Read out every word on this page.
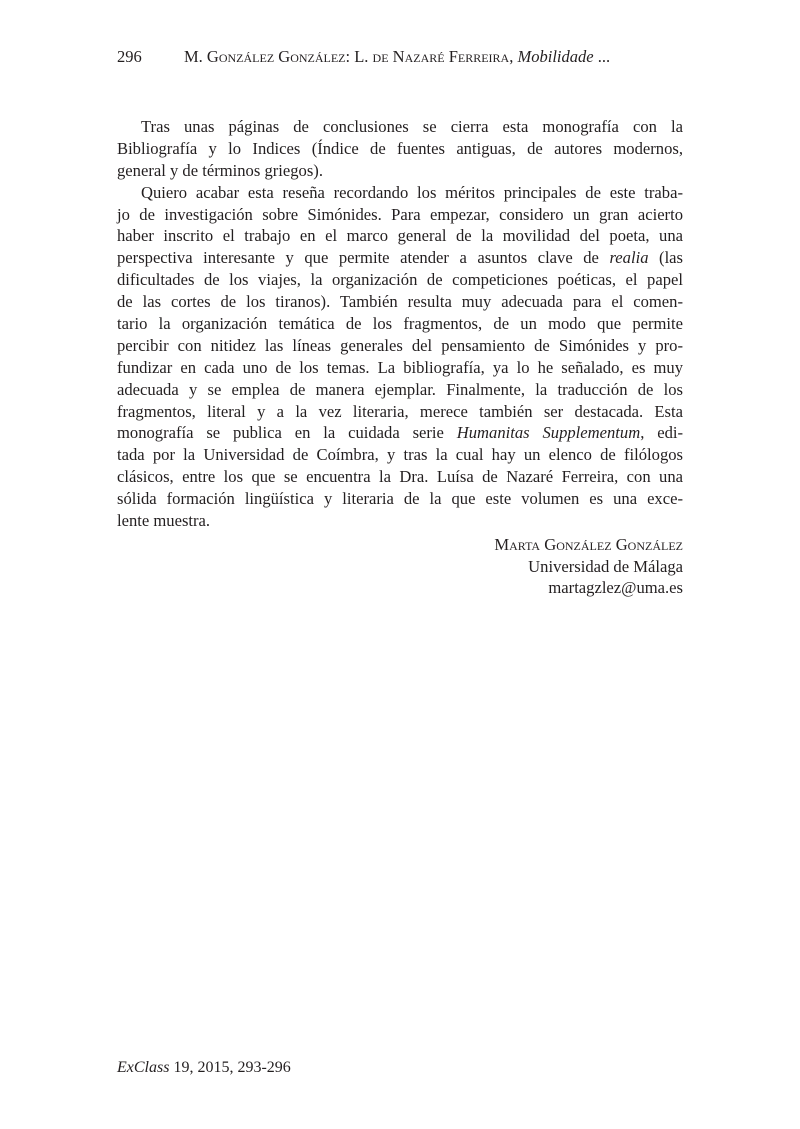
296	M. González González: L. de Nazaré Ferreira, Mobilidade ...
Tras unas páginas de conclusiones se cierra esta monografía con la
Bibliografía y lo Indices (Índice de fuentes antiguas, de autores modernos,
general y de términos griegos).
Quiero acabar esta reseña recordando los méritos principales de este traba-
jo de investigación sobre Simónides. Para empezar, considero un gran acierto
haber inscrito el trabajo en el marco general de la movilidad del poeta, una
perspectiva interesante y que permite atender a asuntos clave de realia (las
dificultades de los viajes, la organización de competiciones poéticas, el papel
de las cortes de los tiranos). También resulta muy adecuada para el comen-
tario la organización temática de los fragmentos, de un modo que permite
percibir con nitidez las líneas generales del pensamiento de Simónides y pro-
fundizar en cada uno de los temas. La bibliografía, ya lo he señalado, es muy
adecuada y se emplea de manera ejemplar. Finalmente, la traducción de los
fragmentos, literal y a la vez literaria, merece también ser destacada. Esta
monografía se publica en la cuidada serie Humanitas Supplementum, edi-
tada por la Universidad de Coímbra, y tras la cual hay un elenco de filólogos
clásicos, entre los que se encuentra la Dra. Luísa de Nazaré Ferreira, con una
sólida formación lingüística y literaria de la que este volumen es una exce-
lente muestra.
Marta González González
Universidad de Málaga
martagzlez@uma.es
ExClass 19, 2015, 293-296
